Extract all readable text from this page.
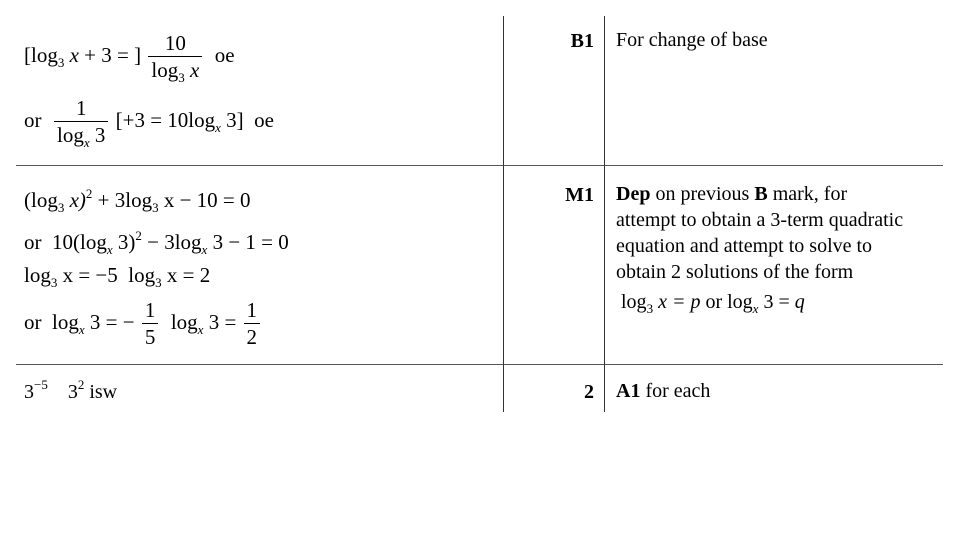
[$\log_3$ x + 3 = ] $\frac{10}{\log_3 x}$ oe
or $\frac{1}{\log_x 3} [+3 = 10\log_x$ 3] oe
B1 For change of base
($\log_3$ $x)^2 + 3\log_3$ x − 10 = 0
or $10(\log_x$ $3)^2 - 3\log_x$ 3 − 1 = 0
$\log_3 x = -5$ $\log_3 x = 2$
or $\log_x 3$ = − $\frac{1}{5} \log_x 3 = \frac{1}{2}$
M1 Dep on previous B mark, for
attempt to obtain a 3-term quadratic
equation and attempt to solve to
obtain 2 solutions of the form
$\log_3 x = p$ or $\log_x 3 = q$
$3^{-5}$ $3^2$ isw	2 A1 for each
